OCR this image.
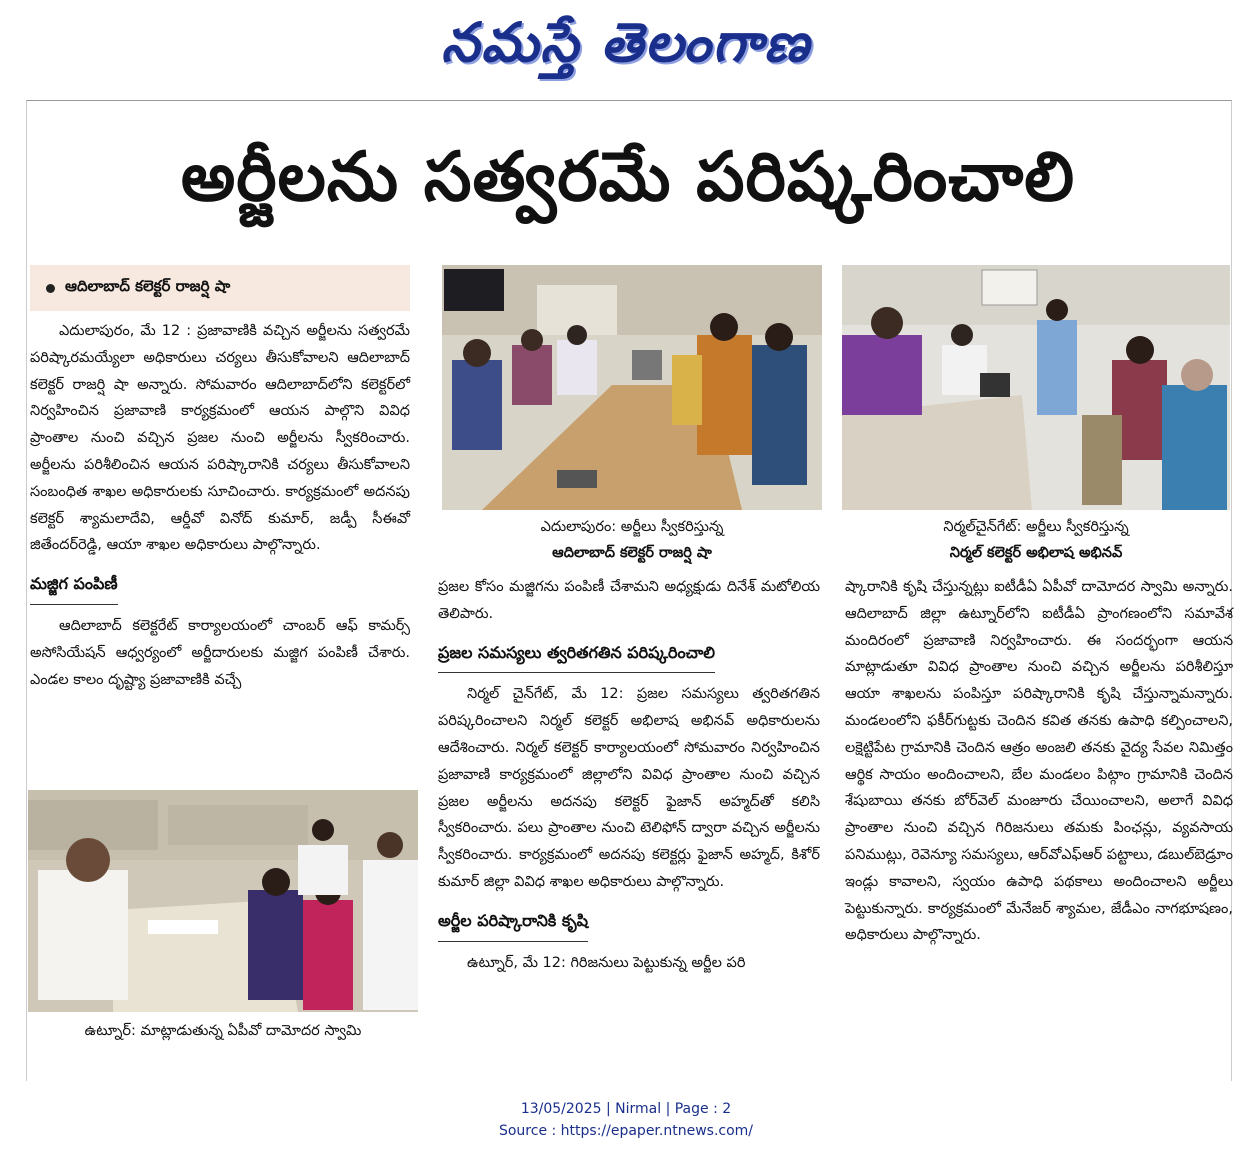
నమస్తే తెలంగాణ
అర్జీలను సత్వరమే పరిష్కరించాలి
ఆదిలాబాద్ కలెక్టర్ రాజర్షి షా

ఎదులాపురం, మే 12 : ప్రజావాణికి వచ్చిన అర్జీలను సత్వరమే పరిష్కారమయ్యేలా అధికారులు చర్యలు తీసుకోవాలని ఆదిలాబాద్ కలెక్టర్ రాజర్షి షా అన్నారు. సోమవారం ఆదిలాబాద్‌లోని కలెక్టర్‌లో నిర్వహించిన ప్రజావాణి కార్యక్రమంలో ఆయన పాల్గొని వివిధ ప్రాంతాల నుంచి వచ్చిన ప్రజల నుంచి అర్జీలను స్వీకరించారు. అర్జీలను పరిశీలించిన ఆయన పరిష్కారానికి చర్యలు తీసుకోవాలని సంబంధిత శాఖల అధికారులకు సూచించారు. కార్యక్రమంలో అదనపు కలెక్టర్ శ్యామలాదేవి, ఆర్డీవో వినోద్ కుమార్, జడ్పీ సీఈవో జితేందర్‌రెడ్డి, ఆయా శాఖల అధికారులు పాల్గొన్నారు.

మజ్జిగ పంపిణీ

ఆదిలాబాద్ కలెక్టరేట్ కార్యాలయంలో చాంబర్ ఆఫ్ కామర్స్ అసోసియేషన్ ఆధ్వర్యంలో అర్జీదారులకు మజ్జిగ పంపిణీ చేశారు. ఎండల కాలం దృష్ట్యా ప్రజావాణికి వచ్చే

ఎదులాపురం: అర్జీలు స్వీకరిస్తున్న
ఆదిలాబాద్ కలెక్టర్ రాజర్షి షా
నిర్మల్‌చైన్‌గేట్: అర్జీలు స్వీకరిస్తున్న
నిర్మల్ కలెక్టర్ అభిలాష అభినవ్
ఉట్నూర్: మాట్లాడుతున్న ఏపీవో దామోదర స్వామి

ప్రజల కోసం మజ్జిగను పంపిణీ చేశామని అధ్యక్షుడు దినేశ్ మటోలియ తెలిపారు.

ప్రజల సమస్యలు త్వరితగతిన పరిష్కరించాలి

నిర్మల్ చైన్‌గేట్, మే 12: ప్రజల సమస్యలు త్వరితగతిన పరిష్కరించాలని నిర్మల్ కలెక్టర్ అభిలాష అభినవ్ అధికారులను ఆదేశించారు. నిర్మల్ కలెక్టర్ కార్యాలయంలో సోమవారం నిర్వహించిన ప్రజావాణి కార్యక్రమంలో జిల్లాలోని వివిధ ప్రాంతాల నుంచి వచ్చిన ప్రజల అర్జీలను అదనపు కలెక్టర్ ఫైజాన్ అహ్మద్‌తో కలిసి స్వీకరించారు. పలు ప్రాంతాల నుంచి టెలిఫోన్ ద్వారా వచ్చిన అర్జీలను స్వీకరించారు. కార్యక్రమంలో అదనపు కలెక్టర్లు ఫైజాన్ అహ్మద్, కిశోర్ కుమార్ జిల్లా వివిధ శాఖల అధికారులు పాల్గొన్నారు.

అర్జీల పరిష్కారానికి కృషి

ఉట్నూర్, మే 12: గిరిజనులు పెట్టుకున్న అర్జీల పరి

ష్కారానికి కృషి చేస్తున్నట్లు ఐటీడీఏ ఏపీవో దామోదర స్వామి అన్నారు. ఆదిలాబాద్ జిల్లా ఉట్నూర్‌లోని ఐటీడీఏ ప్రాంగణంలోని సమావేశ మందిరంలో ప్రజావాణి నిర్వహించారు. ఈ సందర్భంగా ఆయన మాట్లాడుతూ వివిధ ప్రాంతాల నుంచి వచ్చిన అర్జీలను పరిశీలిస్తూ ఆయా శాఖలను పంపిస్తూ పరిష్కారానికి కృషి చేస్తున్నామన్నారు. మండలంలోని ఫకీర్‌గుట్టకు చెందిన కవిత తనకు ఉపాధి కల్పించాలని, లక్షెట్టిపేట గ్రామానికి చెందిన ఆత్రం అంజలి తనకు వైద్య సేవల నిమిత్తం ఆర్థిక సాయం అందించాలని, బేల మండలం పిట్గాం గ్రామానికి చెందిన శేషుబాయి తనకు బోర్‌వెల్ మంజూరు చేయించాలని, అలాగే వివిధ ప్రాంతాల నుంచి వచ్చిన గిరిజనులు తమకు పింఛన్లు, వ్యవసాయ పనిముట్లు, రెవెన్యూ సమస్యలు, ఆర్‌వోఎఫ్ఆర్ పట్టాలు, డబుల్‌బెడ్రూం ఇండ్లు కావాలని, స్వయం ఉపాధి పథకాలు అందించాలని అర్జీలు పెట్టుకున్నారు. కార్యక్రమంలో మేనేజర్ శ్యామల, జేడీఎం నాగభూషణం, అధికారులు పాల్గొన్నారు.

13/05/2025 | Nirmal | Page : 2
Source : https://epaper.ntnews.com/
